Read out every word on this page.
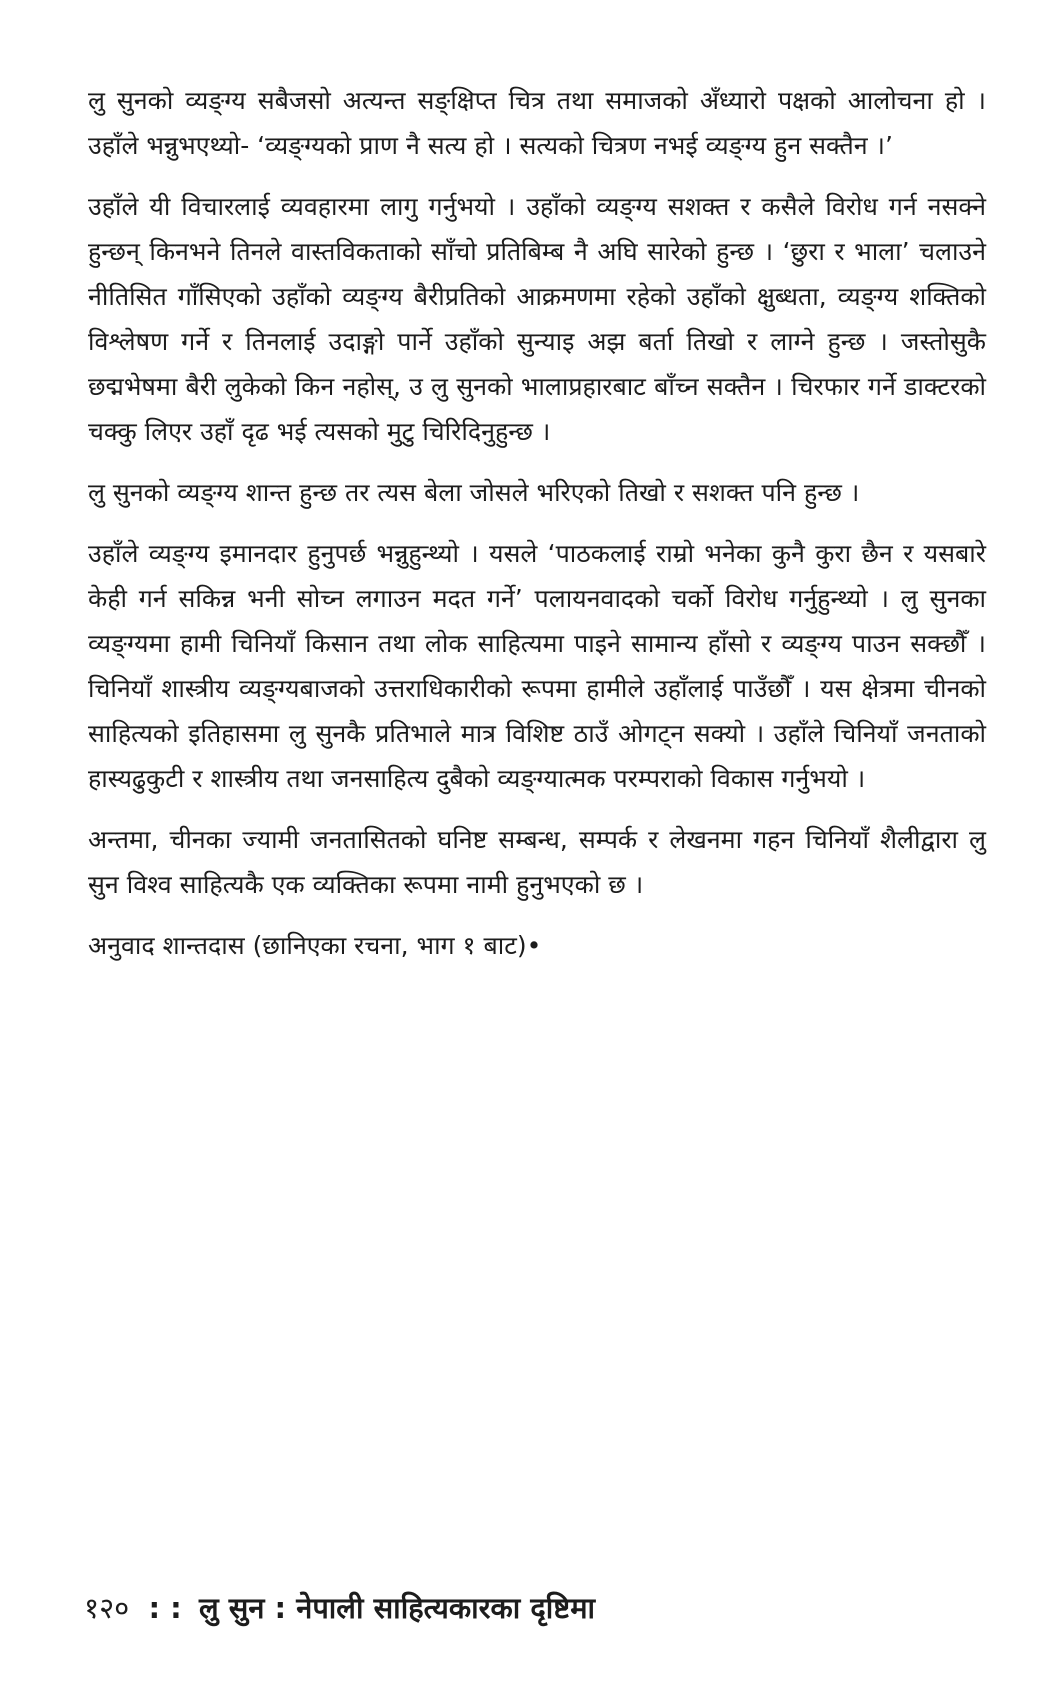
लु सुनको व्यङ्ग्य सबैजसो अत्यन्त सङ्क्षिप्त चित्र तथा समाजको अँध्यारो पक्षको आलोचना हो । उहाँले भन्नुभएथ्यो- ‘व्यङ्ग्यको प्राण नै सत्य हो । सत्यको चित्रण नभई व्यङ्ग्य हुन सक्तैन ।’

उहाँले यी विचारलाई व्यवहारमा लागु गर्नुभयो । उहाँको व्यङ्ग्य सशक्त र कसैले विरोध गर्न नसक्ने हुन्छन् किनभने तिनले वास्तविकताको साँचो प्रतिबिम्ब नै अघि सारेको हुन्छ । ‘छुरा र भाला’ चलाउने नीतिसित गाँसिएको उहाँको व्यङ्ग्य बैरीप्रतिको आक्रमणमा रहेको उहाँको क्षुब्धता, व्यङ्ग्य शक्तिको विश्लेषण गर्ने र तिनलाई उदाङ्गो पार्ने उहाँको सुन्याइ अझ बर्ता तिखो र लाग्ने हुन्छ । जस्तोसुकै छद्मभेषमा बैरी लुकेको किन नहोस्, उ लु सुनको भालाप्रहारबाट बाँच्न सक्तैन । चिरफार गर्ने डाक्टरको चक्कु लिएर उहाँ दृढ भई त्यसको मुटु चिरिदिनुहुन्छ ।

लु सुनको व्यङ्ग्य शान्त हुन्छ तर त्यस बेला जोसले भरिएको तिखो र सशक्त पनि हुन्छ ।

उहाँले व्यङ्ग्य इमानदार हुनुपर्छ भन्नुहुन्थ्यो । यसले ‘पाठकलाई राम्रो भनेका कुनै कुरा छैन र यसबारे केही गर्न सकिन्न भनी सोच्न लगाउन मदत गर्ने’ पलायनवादको चर्को विरोध गर्नुहुन्थ्यो । लु सुनका व्यङ्ग्यमा हामी चिनियाँ किसान तथा लोक साहित्यमा पाइने सामान्य हाँसो र व्यङ्ग्य पाउन सक्छौँ । चिनियाँ शास्त्रीय व्यङ्ग्यबाजको उत्तराधिकारीको रूपमा हामीले उहाँलाई पाउँछौँ । यस क्षेत्रमा चीनको साहित्यको इतिहासमा लु सुनकै प्रतिभाले मात्र विशिष्ट ठाउँ ओगट्न सक्यो । उहाँले चिनियाँ जनताको हास्यढुकुटी र शास्त्रीय तथा जनसाहित्य दुबैको व्यङ्ग्यात्मक परम्पराको विकास गर्नुभयो ।

अन्तमा, चीनका ज्यामी जनतासितको घनिष्ट सम्बन्ध, सम्पर्क र लेखनमा गहन चिनियाँ शैलीद्वारा लु सुन विश्व साहित्यकै एक व्यक्तिका रूपमा नामी हुनुभएको छ ।

अनुवाद शान्तदास (छानिएका रचना, भाग १ बाट)•

१२० : : लु सुन : नेपाली साहित्यकारका दृष्टिमा
